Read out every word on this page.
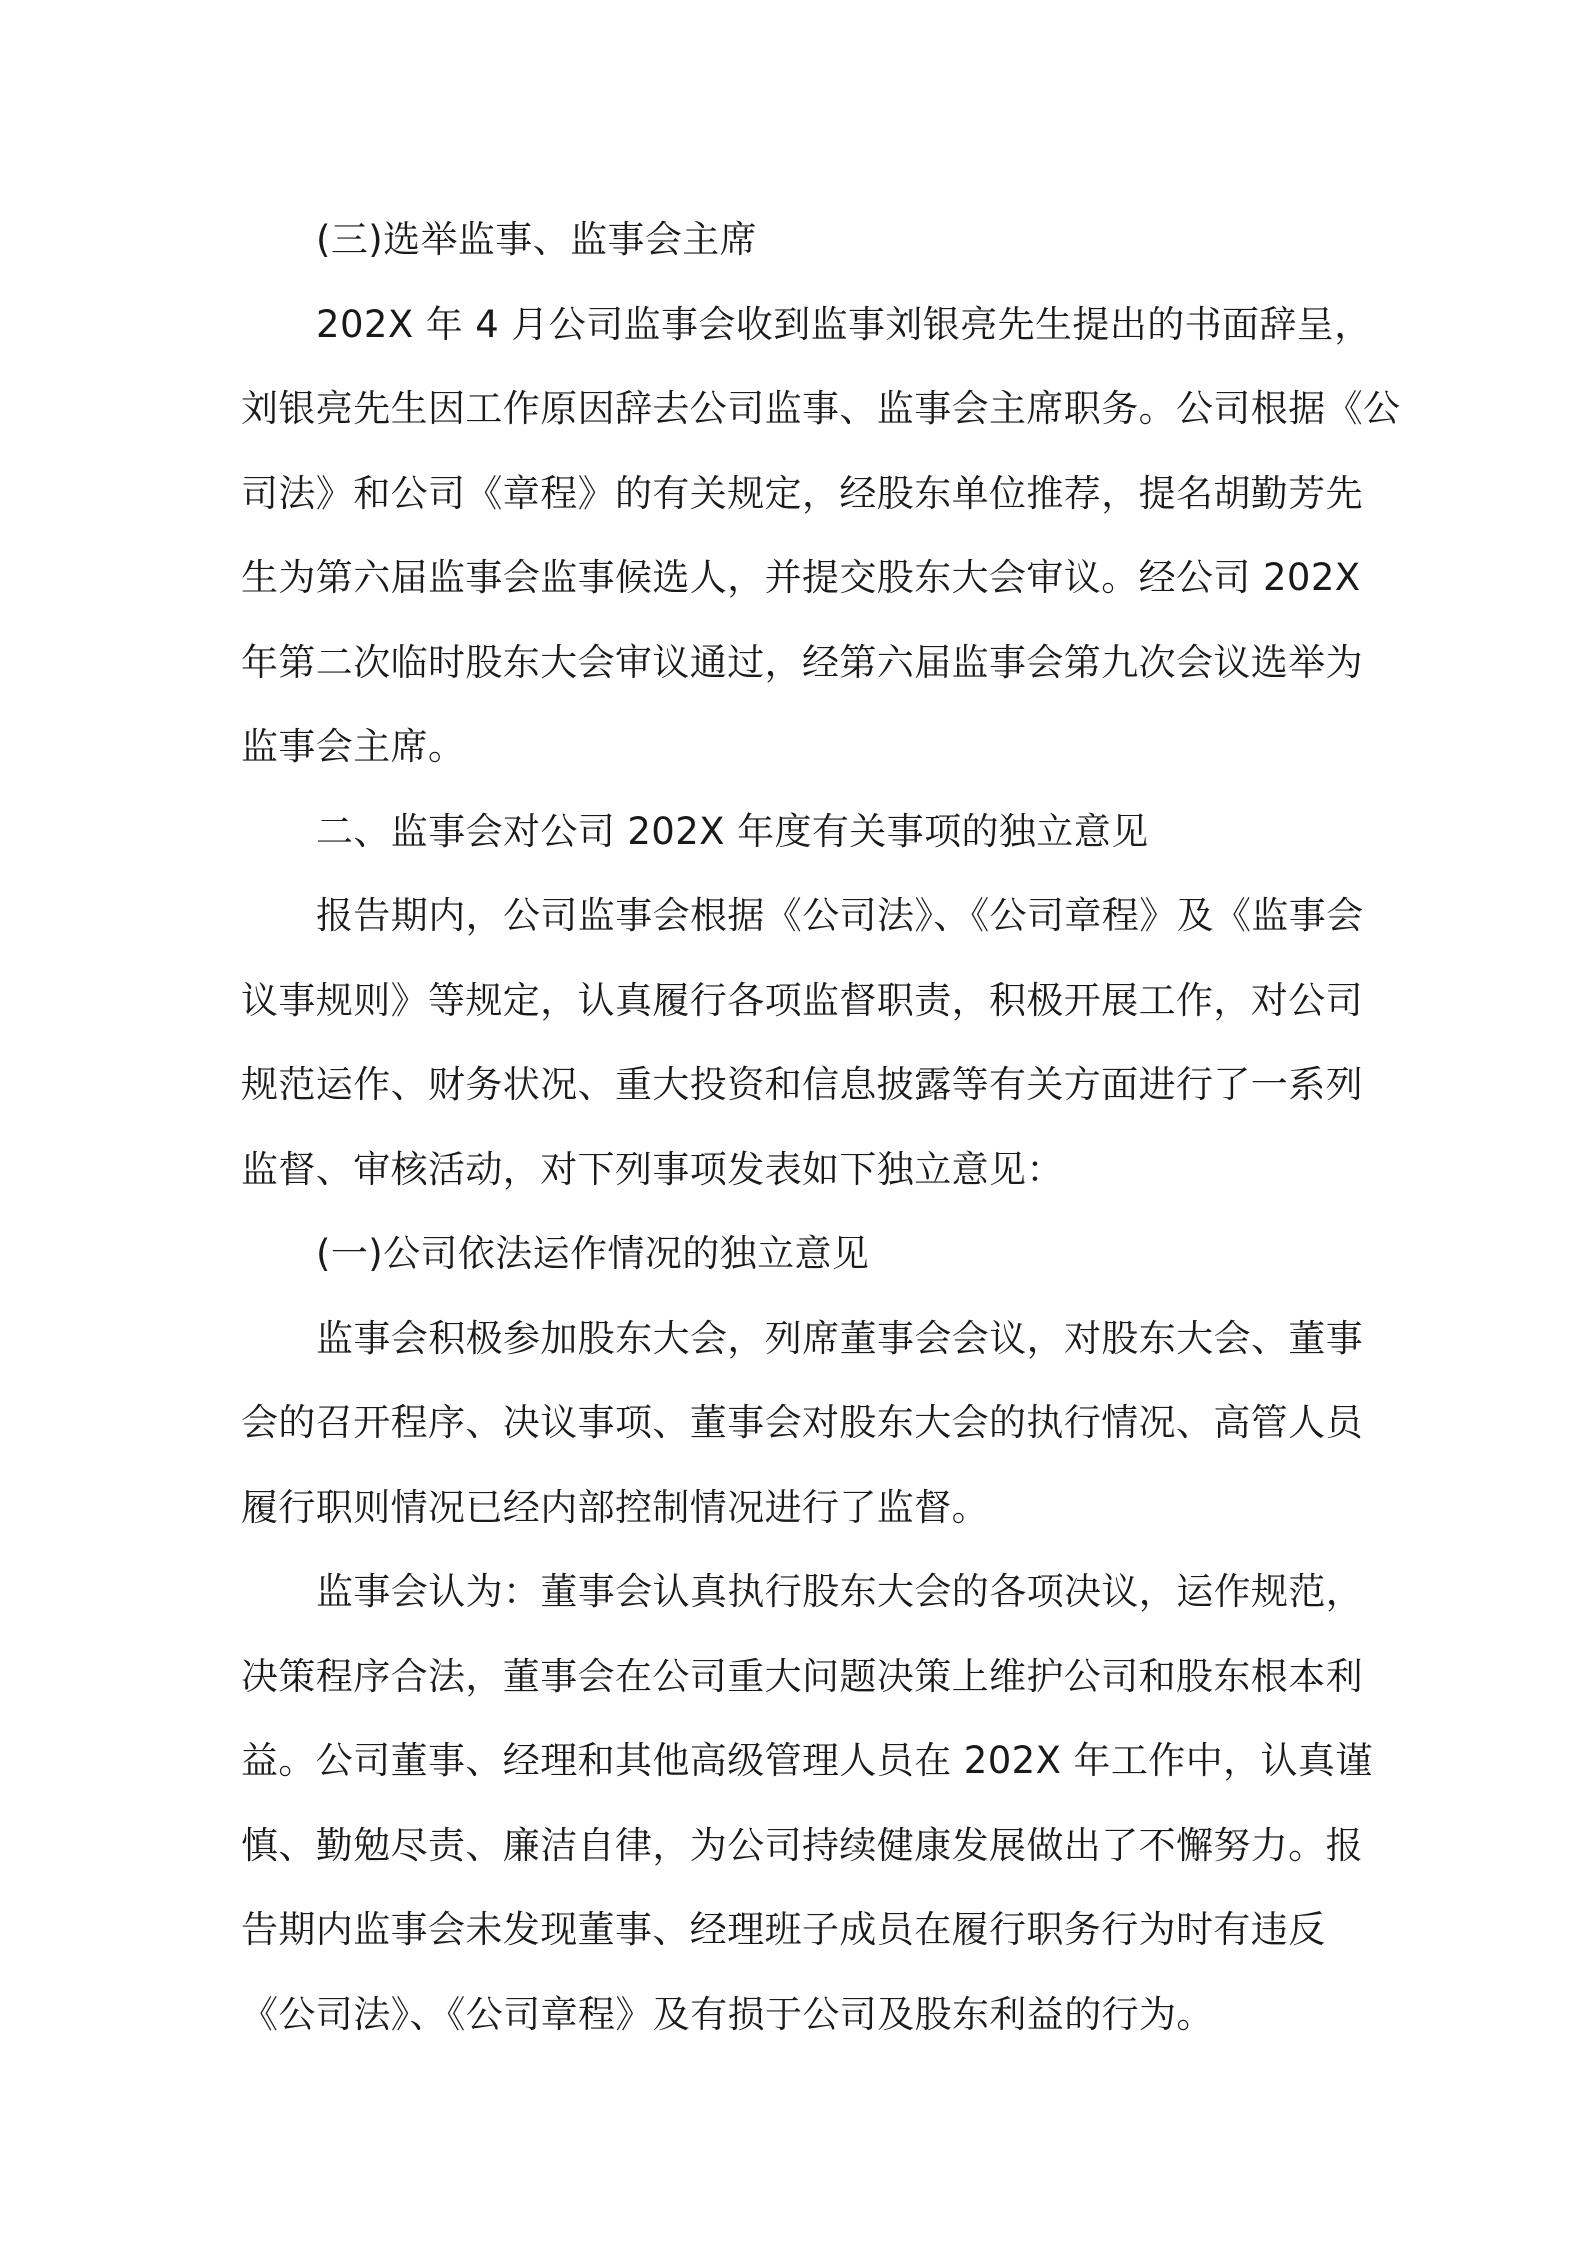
(三)选举监事、监事会主席
202X 年 4 月公司监事会收到监事刘银亮先生提出的书面辞呈，
刘银亮先生因工作原因辞去公司监事、监事会主席职务。公司根据《公
司法》和公司《章程》的有关规定，经股东单位推荐，提名胡勤芳先
生为第六届监事会监事候选人，并提交股东大会审议。经公司 202X
年第二次临时股东大会审议通过，经第六届监事会第九次会议选举为
监事会主席。
二、监事会对公司 202X 年度有关事项的独立意见
报告期内，公司监事会根据《公司法》、《公司章程》及《监事会
议事规则》等规定，认真履行各项监督职责，积极开展工作，对公司
规范运作、财务状况、重大投资和信息披露等有关方面进行了一系列
监督、审核活动，对下列事项发表如下独立意见：
(一)公司依法运作情况的独立意见
监事会积极参加股东大会，列席董事会会议，对股东大会、董事
会的召开程序、决议事项、董事会对股东大会的执行情况、高管人员
履行职则情况已经内部控制情况进行了监督。
监事会认为：董事会认真执行股东大会的各项决议，运作规范，
决策程序合法，董事会在公司重大问题决策上维护公司和股东根本利
益。公司董事、经理和其他高级管理人员在 202X 年工作中，认真谨
慎、勤勉尽责、廉洁自律，为公司持续健康发展做出了不懈努力。报
告期内监事会未发现董事、经理班子成员在履行职务行为时有违反
《公司法》、《公司章程》及有损于公司及股东利益的行为。
